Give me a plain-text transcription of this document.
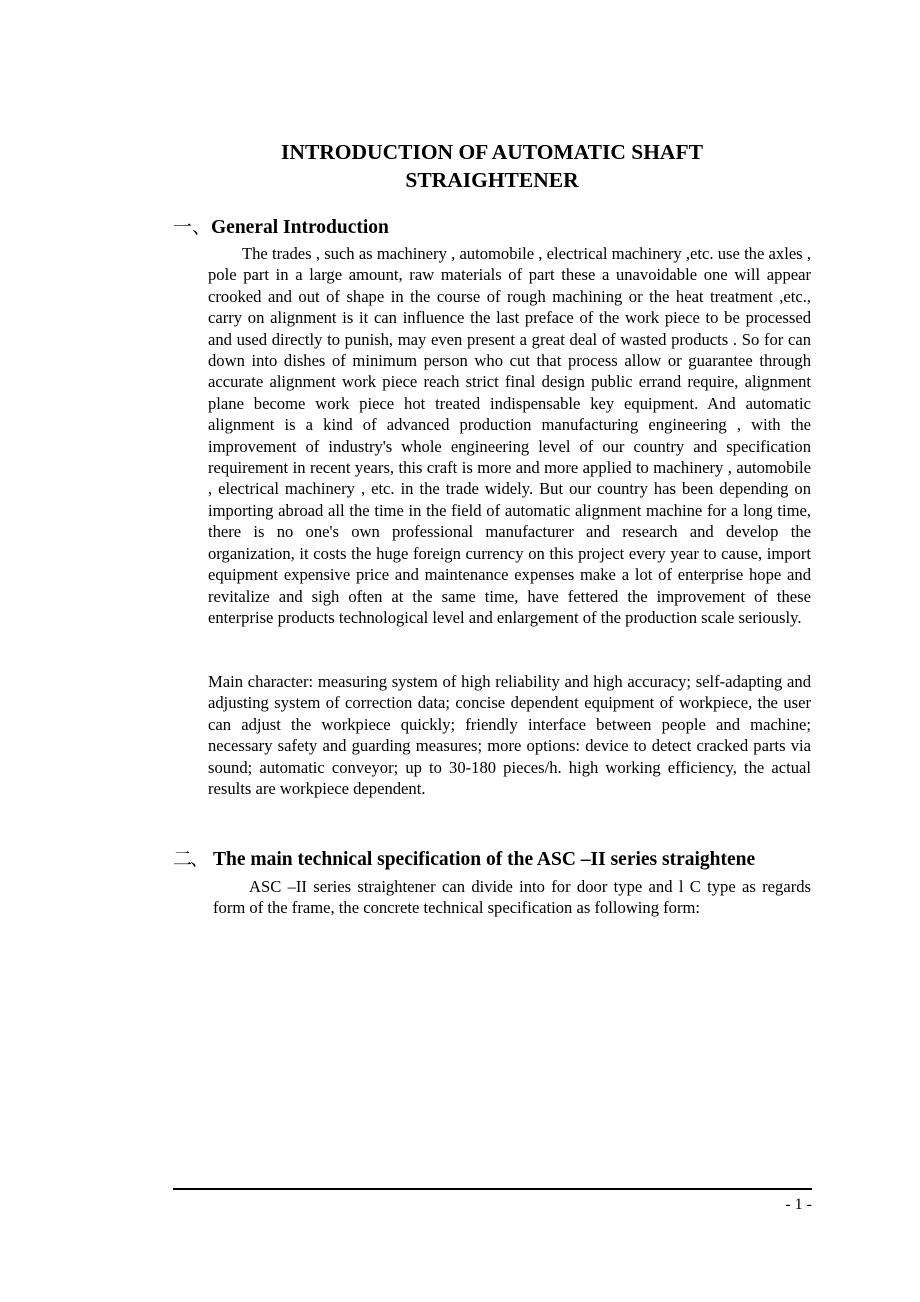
INTRODUCTION OF AUTOMATIC SHAFT
STRAIGHTENER
一、General Introduction

The trades , such as machinery , automobile , electrical machinery ,etc. use the axles , pole part in a large amount, raw materials of part these a unavoidable one will appear crooked and out of shape in the course of rough machining or the heat treatment ,etc., carry on alignment is it can influence the last preface of the work piece to be processed and used directly to punish, may even present a great deal of wasted products . So for can down into dishes of minimum person who cut that process allow or guarantee through accurate alignment work piece reach strict final design public errand require, alignment plane become work piece hot treated indispensable key equipment. And automatic alignment is a kind of advanced production manufacturing engineering , with the improvement of industry's whole engineering level of our country and specification requirement in recent years, this craft is more and more applied to machinery , automobile , electrical machinery , etc. in the trade widely. But our country has been depending on importing abroad all the time in the field of automatic alignment machine for a long time, there is no one's own professional manufacturer and research and develop the organization, it costs the huge foreign currency on this project every year to cause, import equipment expensive price and maintenance expenses make a lot of enterprise hope and revitalize and sigh often at the same time, have fettered the improvement of these enterprise products technological level and enlargement of the production scale seriously.

Main character: measuring system of high reliability and high accuracy; self-adapting and adjusting system of correction data; concise dependent equipment of workpiece, the user can adjust the workpiece quickly; friendly interface between people and machine; necessary safety and guarding measures; more options: device to detect cracked parts via sound; automatic conveyor; up to 30-180 pieces/h. high working efficiency, the actual results are workpiece dependent.

二、 The main technical specification of the ASC –II series straightene

ASC –II series straightener can divide into for door type and l C type as regards form of the frame, the concrete technical specification as following form:

- 1 -
